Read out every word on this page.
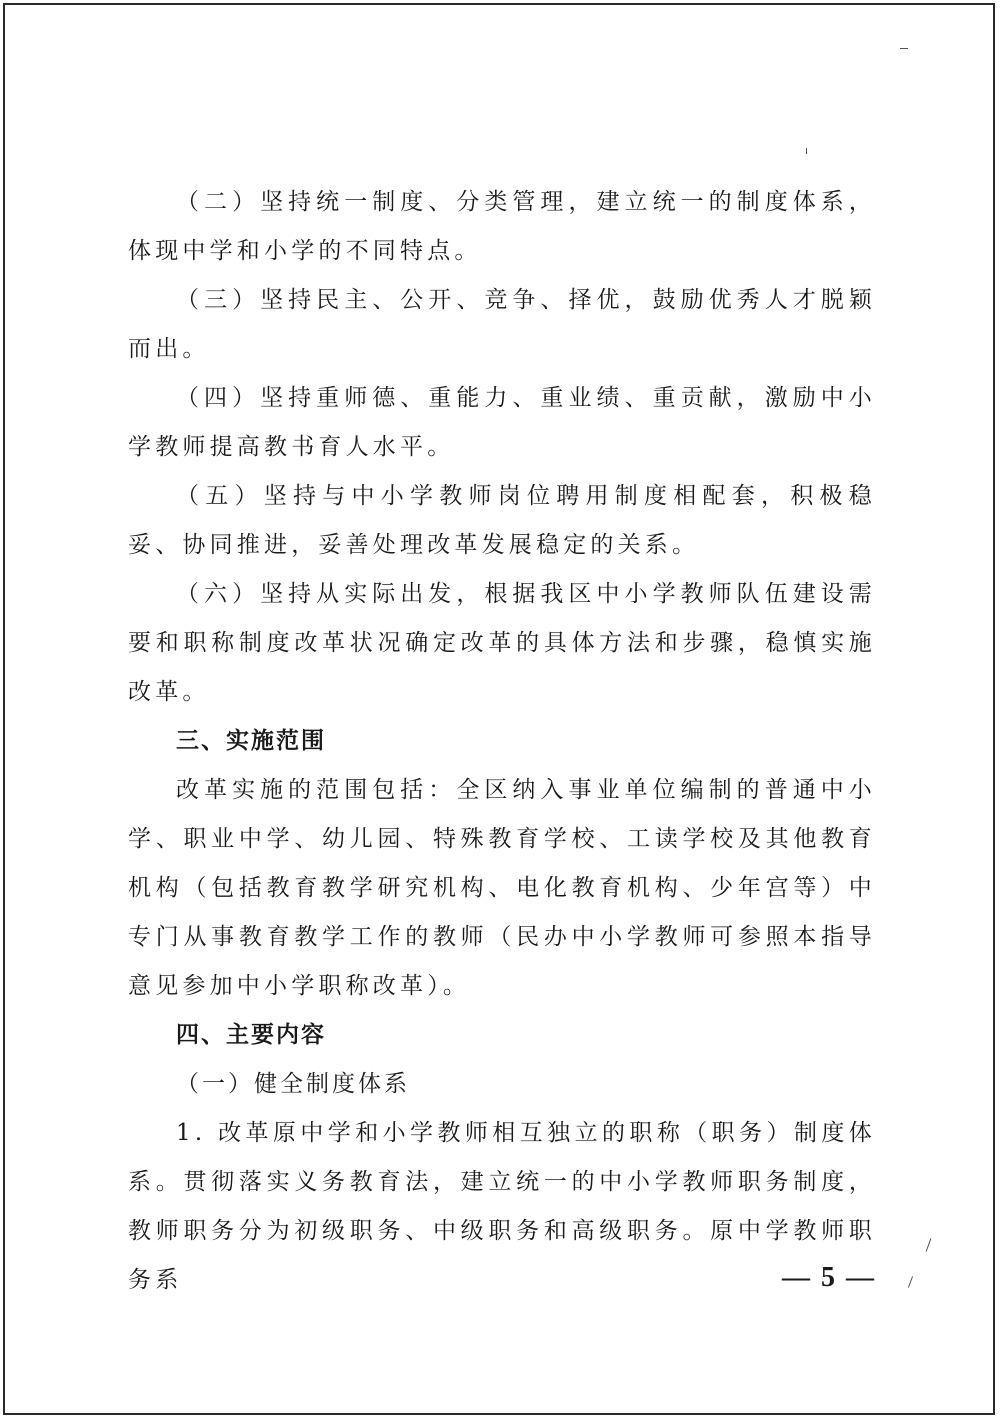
（二）坚持统一制度、分类管理，建立统一的制度体系，体现中学和小学的不同特点。

（三）坚持民主、公开、竞争、择优，鼓励优秀人才脱颖而出。

（四）坚持重师德、重能力、重业绩、重贡献，激励中小学教师提高教书育人水平。

（五）坚持与中小学教师岗位聘用制度相配套，积极稳妥、协同推进，妥善处理改革发展稳定的关系。

（六）坚持从实际出发，根据我区中小学教师队伍建设需要和职称制度改革状况确定改革的具体方法和步骤，稳慎实施改革。

三、实施范围

改革实施的范围包括：全区纳入事业单位编制的普通中小学、职业中学、幼儿园、特殊教育学校、工读学校及其他教育机构（包括教育教学研究机构、电化教育机构、少年宫等）中专门从事教育教学工作的教师（民办中小学教师可参照本指导意见参加中小学职称改革）。

四、主要内容

（一）健全制度体系

1. 改革原中学和小学教师相互独立的职称（职务）制度体系。贯彻落实义务教育法，建立统一的中小学教师职务制度，教师职务分为初级职务、中级职务和高级职务。原中学教师职务系	— 5 —
